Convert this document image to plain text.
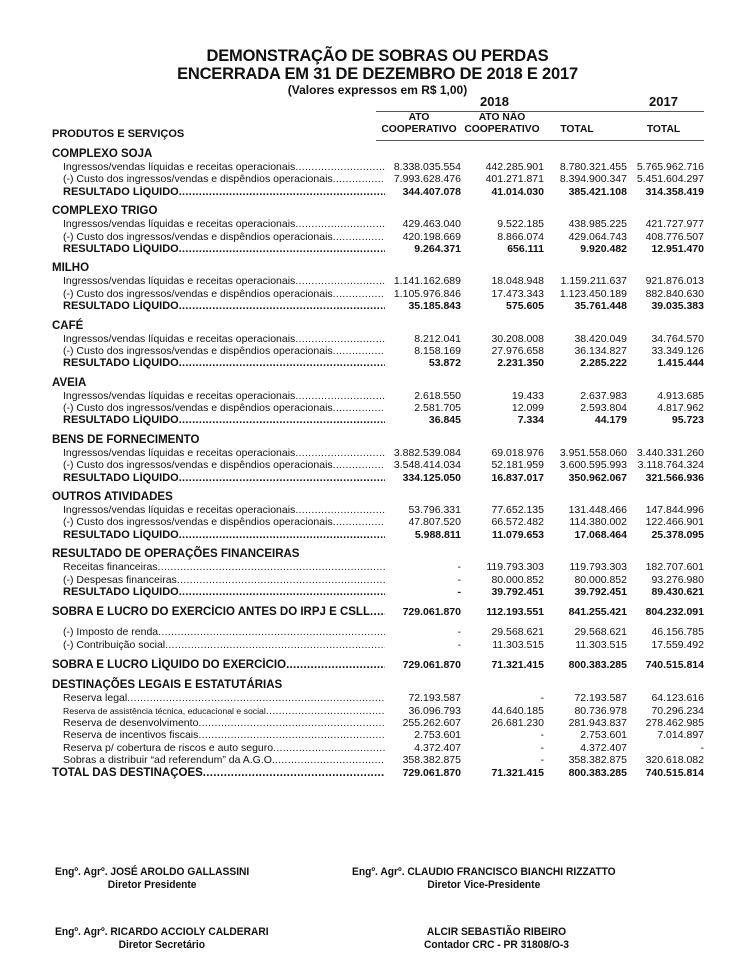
DEMONSTRAÇÃO DE SOBRAS OU PERDAS
ENCERRADA EM 31 DE DEZEMBRO DE 2018 E 2017
(Valores expressos em R$ 1,00)
2018	2017
PRODUTOS E SERVIÇOS
ATO
COOPERATIVO
ATO NÃO
COOPERATIVO	TOTAL	TOTAL
COMPLEXO SOJA
Ingressos/vendas líquidas e receitas operacionais .....	8.338.035.554	442.285.901	8.780.321.455 5.765.962.716
(-) Custo dos ingressos/vendas e dispêndios operacionais .....	7.993.628.476	401.271.871	8.394.900.347 5.451.604.297
RESULTADO LÍQUIDO .....	344.407.078	41.014.030	385.421.108	314.358.419
COMPLEXO TRIGO
Ingressos/vendas líquidas e receitas operacionais .....	429.463.040	9.522.185	438.985.225	421.727.977
(-) Custo dos ingressos/vendas e dispêndios operacionais .....	420.198.669	8.866.074	429.064.743	408.776.507
RESULTADO LÍQUIDO .....	9.264.371	656.111	9.920.482	12.951.470
MILHO
Ingressos/vendas líquidas e receitas operacionais .....	1.141.162.689	18.048.948	1.159.211.637	921.876.013
(-) Custo dos ingressos/vendas e dispêndios operacionais .....	1.105.976.846	17.473.343	1.123.450.189	882.840.630
RESULTADO LÍQUIDO .....	35.185.843	575.605	35.761.448	39.035.383
CAFÉ
Ingressos/vendas líquidas e receitas operacionais .....	8.212.041	30.208.008	38.420.049	34.764.570
(-) Custo dos ingressos/vendas e dispêndios operacionais .....	8.158.169	27.976.658	36.134.827	33.349.126
RESULTADO LÍQUIDO .....	53.872	2.231.350	2.285.222	1.415.444
AVEIA
Ingressos/vendas líquidas e receitas operacionais .....	2.618.550	19.433	2.637.983	4.913.685
(-) Custo dos ingressos/vendas e dispêndios operacionais .....	2.581.705	12.099	2.593.804	4.817.962
RESULTADO LÍQUIDO .....	36.845	7.334	44.179	95.723
BENS DE FORNECIMENTO
Ingressos/vendas líquidas e receitas operacionais .....	3.882.539.084	69.018.976	3.951.558.060 3.440.331.260
(-) Custo dos ingressos/vendas e dispêndios operacionais .....	3.548.414.034	52.181.959	3.600.595.993	3.118.764.324
RESULTADO LÍQUIDO .....	334.125.050	16.837.017	350.962.067	321.566.936
OUTROS ATIVIDADES
Ingressos/vendas líquidas e receitas operacionais .....	53.796.331	77.652.135	131.448.466	147.844.996
(-) Custo dos ingressos/vendas e dispêndios operacionais .....	47.807.520	66.572.482	114.380.002	122.466.901
RESULTADO LÍQUIDO .....	5.988.811	11.079.653	17.068.464	25.378.095
RESULTADO DE OPERAÇÕES FINANCEIRAS
Receitas financeiras .....	-	119.793.303	119.793.303	182.707.601
(-) Despesas financeiras .....	-	80.000.852	80.000.852	93.276.980
RESULTADO LÍQUIDO .....	-	39.792.451	39.792.451	89.430.621
SOBRA E LUCRO DO EXERCÍCIO ANTES DO IRPJ E CSLL .....	729.061.870	112.193.551	841.255.421	804.232.091
(-) Imposto de renda .....	-	29.568.621	29.568.621	46.156.785
(-) Contribuição social .....	-	11.303.515	11.303.515	17.559.492
SOBRA E LUCRO LÍQUIDO DO EXERCÍCIO .....	729.061.870	71.321.415	800.383.285	740.515.814
DESTINAÇÕES LEGAIS E ESTATUTÁRIAS
Reserva legal .....	72.193.587	-	72.193.587	64.123.616
Reserva de assistência técnica, educacional e social .....	36.096.793	44.640.185	80.736.978	70.296.234
Reserva de desenvolvimento .....	255.262.607	26.681.230	281.943.837	278.462.985
Reserva de incentivos fiscais .....	2.753.601	-	2.753.601	7.014.897
Reserva p/ cobertura de riscos e auto seguro .....	4.372.407	-	4.372.407	-
Sobras a distribuir “ad referendum” da A.G.O. .....	358.382.875	-	358.382.875	320.618.082
TOTAL DAS DESTINAÇÕES .....	729.061.870	71.321.415	800.383.285	740.515.814
Engº. Agrº. JOSÉ AROLDO GALLASSINI
Diretor Presidente
Engº. Agrº. CLAUDIO FRANCISCO BIANCHI RIZZATTO
Diretor Vice-Presidente
Engº. Agrº. RICARDO ACCIOLY CALDERARI
Diretor Secretário
ALCIR SEBASTIÃO RIBEIRO
Contador CRC - PR 31808/O-3
